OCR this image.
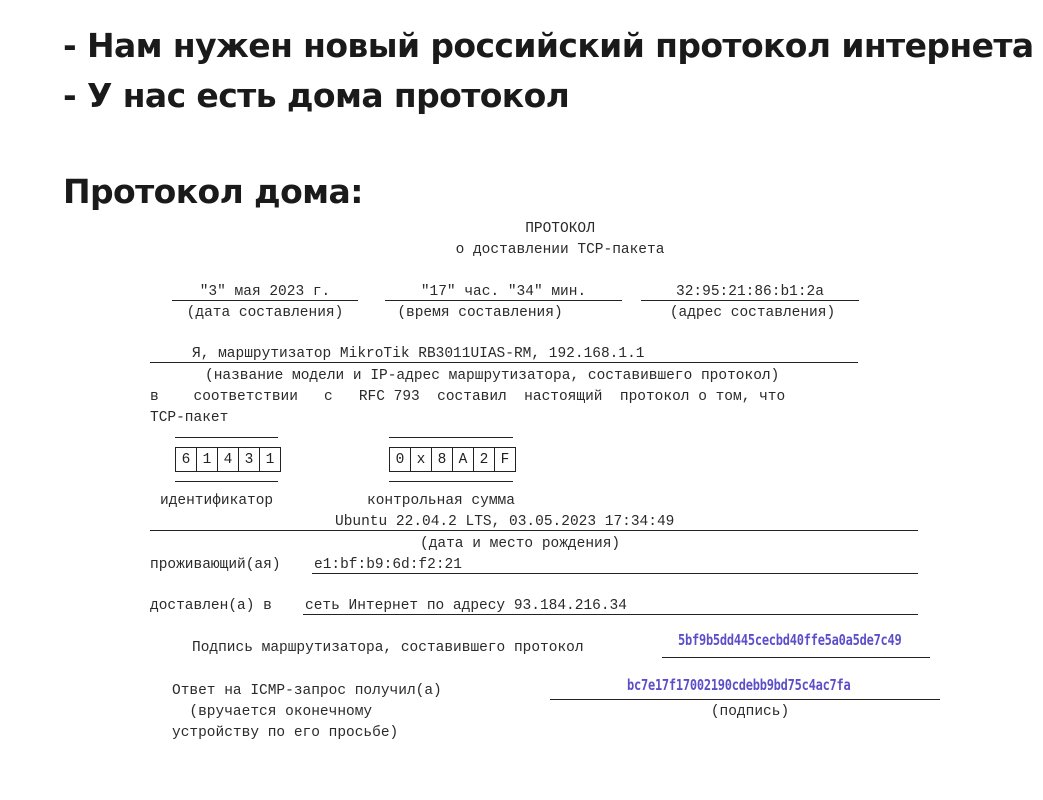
- Нам нужен новый российский протокол интернета
- У нас есть дома протокол
Протокол дома:
ПРОТОКОЛ
о доставлении TCP-пакета
"3" мая 2023 г.	"17" час. "34" мин.	32:95:21:86:b1:2a
(дата составления)	(время составления)	(адрес составления)
Я, маршрутизатор MikroTik RB3011UIAS-RM, 192.168.1.1
(название модели и IP-адрес маршрутизатора, составившего протокол)
в    соответствии   с   RFC 793  составил  настоящий  протокол о том, что
TCP-пакет
6 1 4 3 1	0 x 8 A 2 F
идентификатор	контрольная сумма
Ubuntu 22.04.2 LTS, 03.05.2023 17:34:49
(дата и место рождения)
проживающий(ая) e1:bf:b9:6d:f2:21
доставлен(а) в сеть Интернет по адресу 93.184.216.34
Подпись маршрутизатора, составившего протокол	5bf9b5dd445cecbd40ffe5a0a5de7c49
Ответ на ICMP-запрос получил(а)
(вручается оконечному
устройству по его просьбе)
bc7e17f17002190cdebb9bd75c4ac7fa
(подпись)
